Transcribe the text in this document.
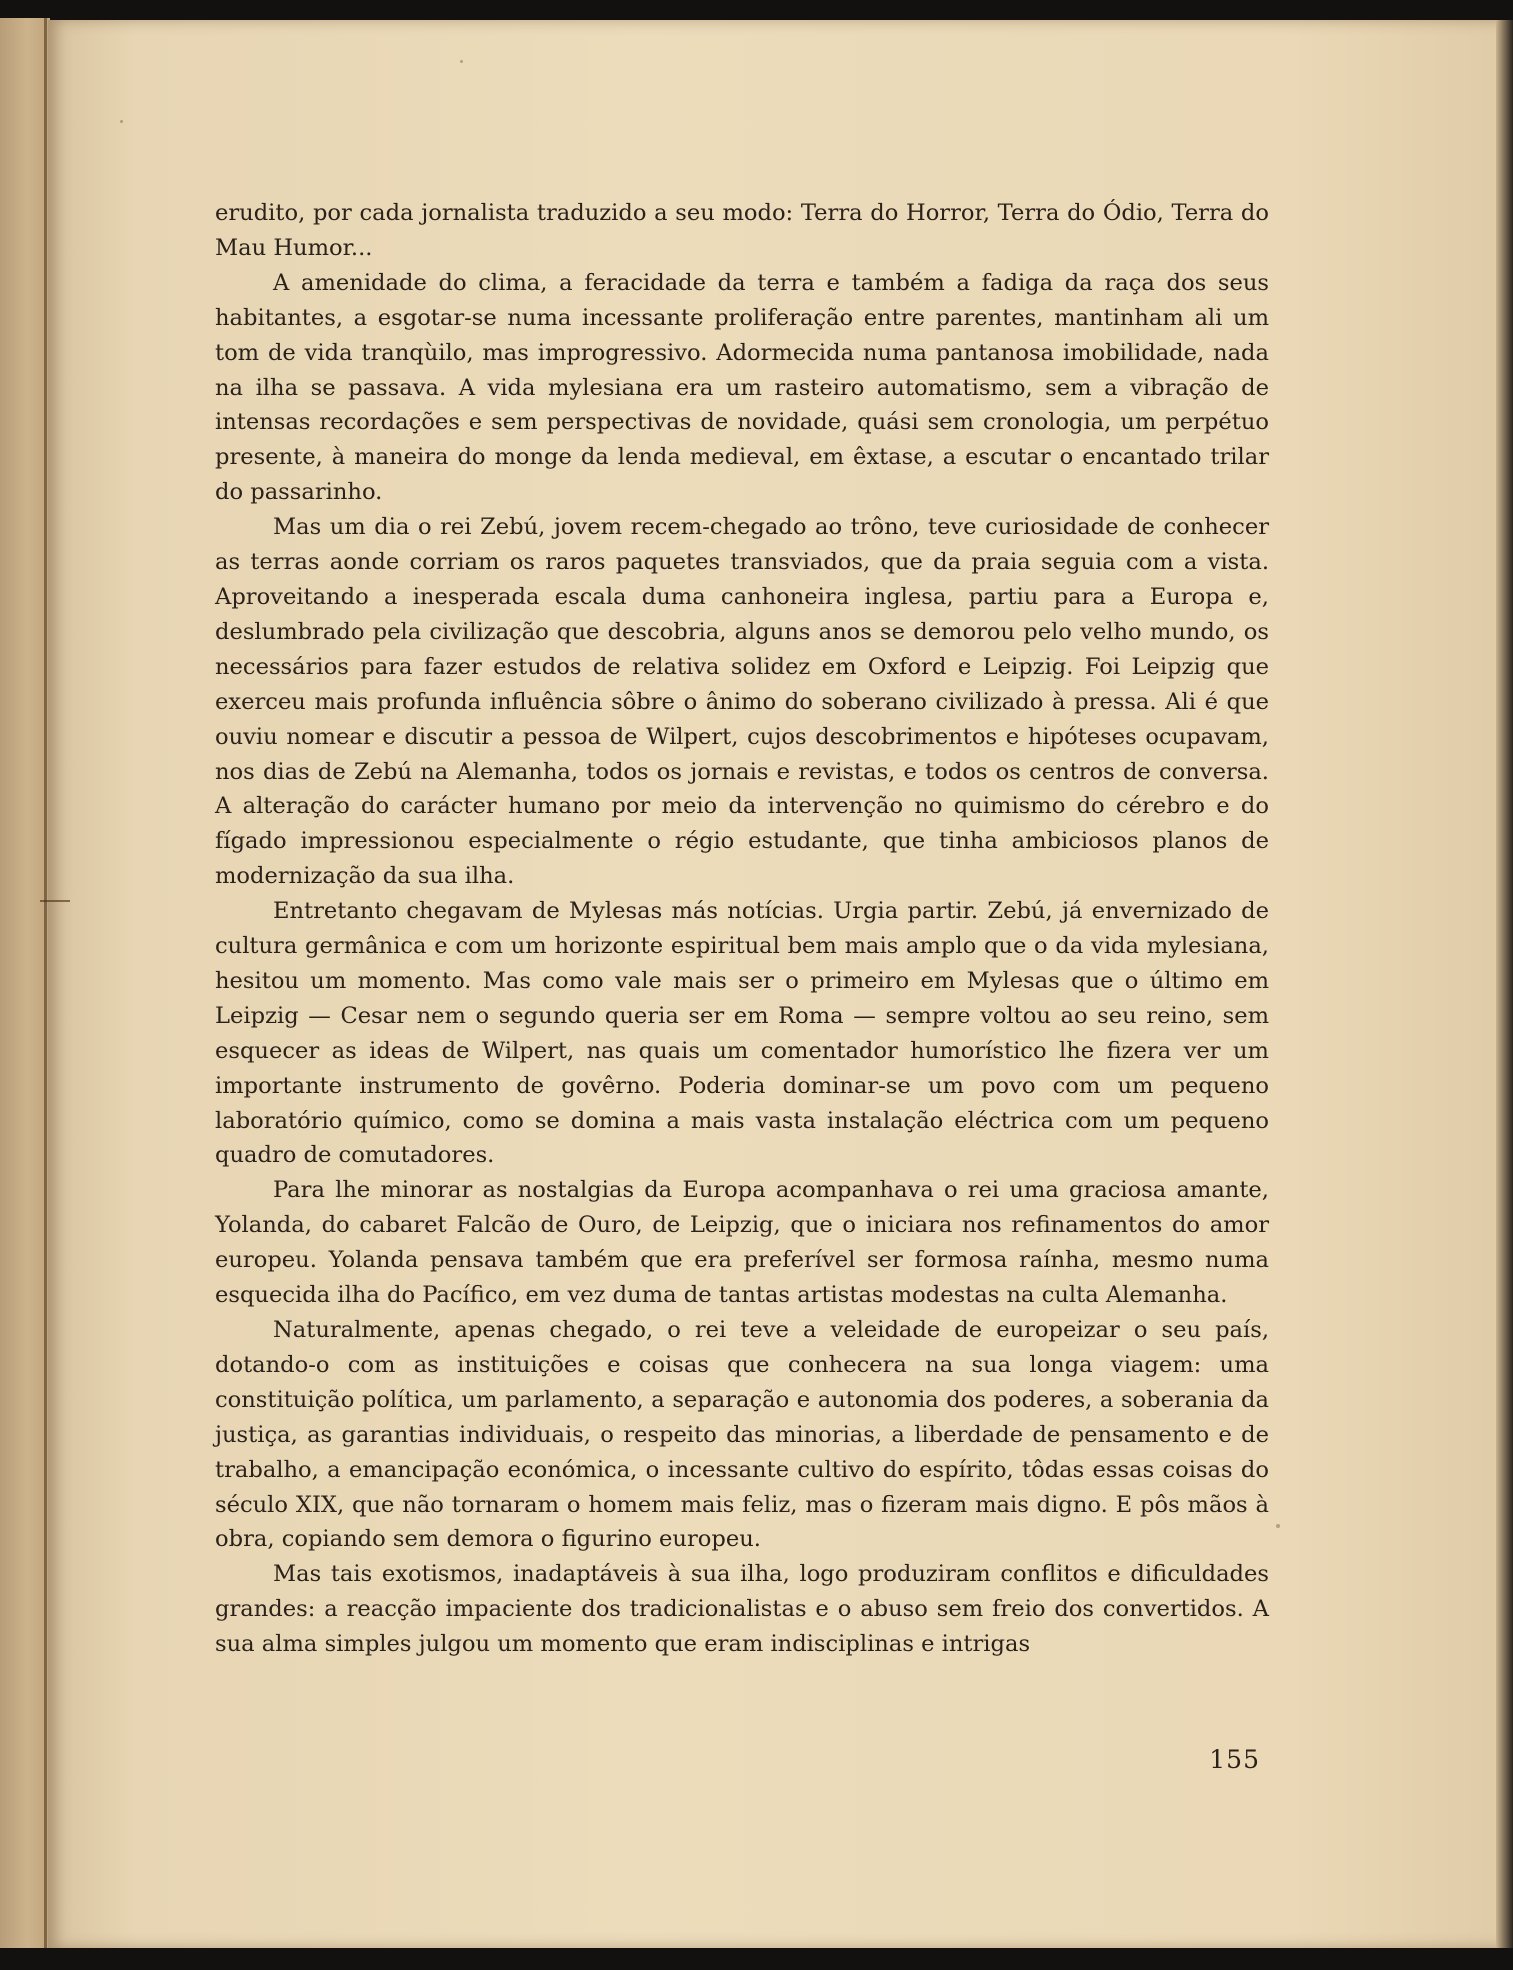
erudito, por cada jornalista traduzido a seu modo: Terra do Horror, Terra do Ódio, Terra do Mau Humor...

A amenidade do clima, a feracidade da terra e também a fadiga da raça dos seus habitantes, a esgotar-se numa incessante proliferação entre parentes, mantinham ali um tom de vida tranqùilo, mas improgressivo. Adormecida numa pantanosa imobilidade, nada na ilha se passava. A vida mylesiana era um rasteiro automatismo, sem a vibração de intensas recordações e sem perspectivas de novidade, quási sem cronologia, um perpétuo presente, à maneira do monge da lenda medieval, em êxtase, a escutar o encantado trilar do passarinho.

Mas um dia o rei Zebú, jovem recem-chegado ao trôno, teve curiosidade de conhecer as terras aonde corriam os raros paquetes transviados, que da praia seguia com a vista. Aproveitando a inesperada escala duma canhoneira inglesa, partiu para a Europa e, deslumbrado pela civilização que descobria, alguns anos se demorou pelo velho mundo, os necessários para fazer estudos de relativa solidez em Oxford e Leipzig. Foi Leipzig que exerceu mais profunda influência sôbre o ânimo do soberano civilizado à pressa. Ali é que ouviu nomear e discutir a pessoa de Wilpert, cujos descobrimentos e hipóteses ocupavam, nos dias de Zebú na Alemanha, todos os jornais e revistas, e todos os centros de conversa. A alteração do carácter humano por meio da intervenção no quimismo do cérebro e do fígado impressionou especialmente o régio estudante, que tinha ambiciosos planos de modernização da sua ilha.

Entretanto chegavam de Mylesas más notícias. Urgia partir. Zebú, já envernizado de cultura germânica e com um horizonte espiritual bem mais amplo que o da vida mylesiana, hesitou um momento. Mas como vale mais ser o primeiro em Mylesas que o último em Leipzig — Cesar nem o segundo queria ser em Roma — sempre voltou ao seu reino, sem esquecer as ideas de Wilpert, nas quais um comentador humorístico lhe fizera ver um importante instrumento de govêrno. Poderia dominar-se um povo com um pequeno laboratório químico, como se domina a mais vasta instalação eléctrica com um pequeno quadro de comutadores.

Para lhe minorar as nostalgias da Europa acompanhava o rei uma graciosa amante, Yolanda, do cabaret Falcão de Ouro, de Leipzig, que o iniciara nos refinamentos do amor europeu. Yolanda pensava também que era preferível ser formosa raínha, mesmo numa esquecida ilha do Pacífico, em vez duma de tantas artistas modestas na culta Alemanha.

Naturalmente, apenas chegado, o rei teve a veleidade de europeizar o seu país, dotando-o com as instituições e coisas que conhecera na sua longa viagem: uma constituição política, um parlamento, a separação e autonomia dos poderes, a soberania da justiça, as garantias individuais, o respeito das minorias, a liberdade de pensamento e de trabalho, a emancipação económica, o incessante cultivo do espírito, tôdas essas coisas do século XIX, que não tornaram o homem mais feliz, mas o fizeram mais digno. E pôs mãos à obra, copiando sem demora o figurino europeu.

Mas tais exotismos, inadaptáveis à sua ilha, logo produziram conflitos e dificuldades grandes: a reacção impaciente dos tradicionalistas e o abuso sem freio dos convertidos. A sua alma simples julgou um momento que eram indisciplinas e intrigas

155
